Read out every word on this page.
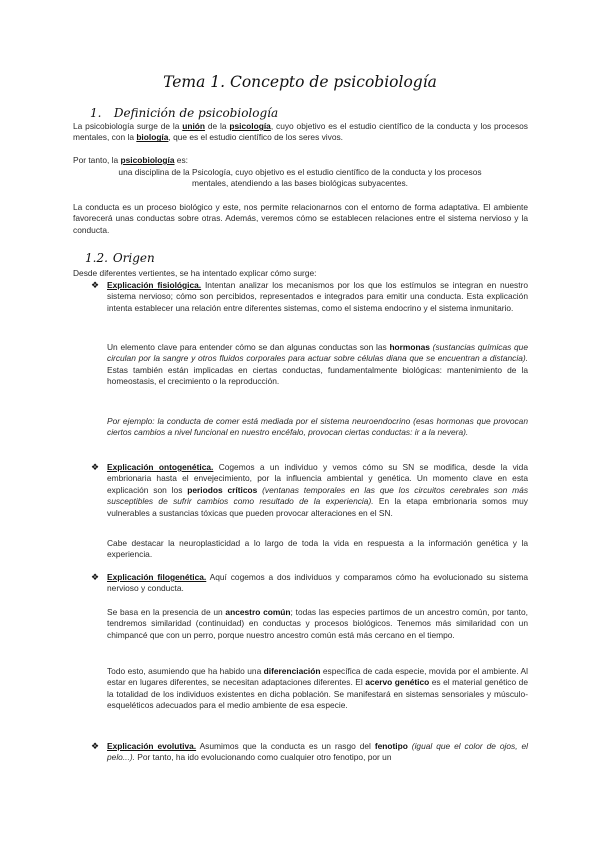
Tema 1. Concepto de psicobiología
1. Definición de psicobiología

La psicobiología surge de la unión de la psicología, cuyo objetivo es el estudio científico de la conducta y los procesos mentales, con la biología, que es el estudio científico de los seres vivos.

Por tanto, la psicobiología es:

una disciplina de la Psicología, cuyo objetivo es el estudio científico de la conducta y los procesos mentales, atendiendo a las bases biológicas subyacentes.

La conducta es un proceso biológico y este, nos permite relacionarnos con el entorno de forma adaptativa. El ambiente favorecerá unas conductas sobre otras. Además, veremos cómo se establecen relaciones entre el sistema nervioso y la conducta.

1.2. Origen

Desde diferentes vertientes, se ha intentado explicar cómo surge:

❖ Explicación fisiológica. Intentan analizar los mecanismos por los que los estímulos se integran en nuestro sistema nervioso; cómo son percibidos, representados e integrados para emitir una conducta. Esta explicación intenta establecer una relación entre diferentes sistemas, como el sistema endocrino y el sistema inmunitario.

Un elemento clave para entender cómo se dan algunas conductas son las hormonas (sustancias químicas que circulan por la sangre y otros fluidos corporales para actuar sobre células diana que se encuentran a distancia). Estas también están implicadas en ciertas conductas, fundamentalmente biológicas: mantenimiento de la homeostasis, el crecimiento o la reproducción.

Por ejemplo: la conducta de comer está mediada por el sistema neuroendocrino (esas hormonas que provocan ciertos cambios a nivel funcional en nuestro encéfalo, provocan ciertas conductas: ir a la nevera).

❖ Explicación ontogenética. Cogemos a un individuo y vemos cómo su SN se modifica, desde la vida embrionaria hasta el envejecimiento, por la influencia ambiental y genética. Un momento clave en esta explicación son los periodos críticos (ventanas temporales en las que los circuitos cerebrales son más susceptibles de sufrir cambios como resultado de la experiencia). En la etapa embrionaria somos muy vulnerables a sustancias tóxicas que pueden provocar alteraciones en el SN.

Cabe destacar la neuroplasticidad a lo largo de toda la vida en respuesta a la información genética y la experiencia.

❖ Explicación filogenética. Aquí cogemos a dos individuos y comparamos cómo ha evolucionado su sistema nervioso y conducta.

Se basa en la presencia de un ancestro común; todas las especies partimos de un ancestro común, por tanto, tendremos similaridad (continuidad) en conductas y procesos biológicos. Tenemos más similaridad con un chimpancé que con un perro, porque nuestro ancestro común está más cercano en el tiempo.

Todo esto, asumiendo que ha habido una diferenciación específica de cada especie, movida por el ambiente. Al estar en lugares diferentes, se necesitan adaptaciones diferentes. El acervo genético es el material genético de la totalidad de los individuos existentes en dicha población. Se manifestará en sistemas sensoriales y músculo-esqueléticos adecuados para el medio ambiente de esa especie.

❖ Explicación evolutiva. Asumimos que la conducta es un rasgo del fenotipo (igual que el color de ojos, el pelo...). Por tanto, ha ido evolucionando como cualquier otro fenotipo, por un
